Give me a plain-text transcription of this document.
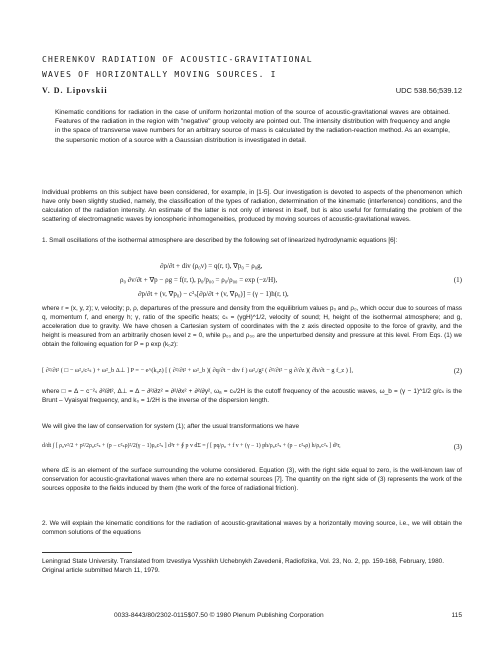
CHERENKOV RADIATION OF ACOUSTIC-GRAVITATIONAL
WAVES OF HORIZONTALLY MOVING SOURCES. I
V. D. Lipovskii	UDC 538.56;539.12
Kinematic conditions for radiation in the case of uniform horizontal motion of the source of acoustic-gravitational waves are obtained. Features of the radiation in the region with "negative" group velocity are pointed out. The intensity distribution with frequency and angle in the space of transverse wave numbers for an arbitrary source of mass is calculated by the radiation-reaction method. As an example, the supersonic motion of a source with a Gaussian distribution is investigated in detail.
Individual problems on this subject have been considered, for example, in [1-5]. Our investigation is devoted to aspects of the phenomenon which have only been slightly studied, namely, the classification of the types of radiation, determination of the kinematic (interference) conditions, and the calculation of the radiation intensity. An estimate of the latter is not only of interest in itself, but is also useful for formulating the problem of the scattering of electromagnetic waves by ionospheric inhomogeneities, produced by moving sources of acoustic-gravitational waves.
1. Small oscillations of the isothermal atmosphere are described by the following set of linearized hydrodynamic equations [6]:
∂ρ/∂t + div (ρ₀v) = q(r, t), ∇p₀ = ρ₀g,
ρ₀ ∂v/∂t + ∇p − ρg = f(r, t), p₀/p₀₀ = ρ₀/ρ₀₀ = exp (−z/H),
∂p/∂t + (v, ∇p₀) − c²ₛ[∂ρ/∂t + (v, ∇ρ₀)] = (γ − 1)h(r, t),
(1)
where r = (x, y, z); v, velocity; p, ρ, departures of the pressure and density from the equilibrium values p₀ and ρ₀, which occur due to sources of mass q, momentum f, and energy h; γ, ratio of the specific heats; cₛ = (γgH)^1/2, velocity of sound; H, height of the isothermal atmosphere; and g, acceleration due to gravity. We have chosen a Cartesian system of coordinates with the z axis directed opposite to the force of gravity, and the height is measured from an arbitrarily chosen level z = 0, while p₀₀ and ρ₀₀ are the unperturbed density and pressure at this level. From Eqs. (1) we obtain the following equation for P = p exp (k₀z):
[ ∂²/∂t² ( □ − ω²ₐ/c²ₛ ) + ω²_b Δ⊥ ] P = − e^(k₀z) [ ( ∂²/∂t² + ω²_b )( ∂q/∂t − div f ) ω²ₐ/g² ( ∂²/∂t² − g ∂/∂z )( ∂h/∂t − g f_z ) ],	(2)
where □ = Δ − c⁻²ₛ ∂²/∂t², Δ⊥ = Δ − ∂²/∂z² = ∂²/∂x² + ∂²/∂y², ωₐ = cₛ/2H is the cutoff frequency of the acoustic waves, ω_b = (γ − 1)^1/2 g/cₛ is the Brunt – Vyaisyal frequency, and k₀ = 1/2H is the inverse of the dispersion length.
We will give the law of conservation for system (1); after the usual transformations we have
d/dt ∫ [ ρ₀v²/2 + p²/2ρ₀c²ₛ + (p − c²ₛρ)²/2(γ − 1)ρ₀c²ₛ ] d³r + ∮ p v dΣ = ∫ [ pq/ρ₀ + f v + (γ − 1) ph/ρ₀c²ₛ + (p − c²ₛρ) h/ρ₀c²ₛ ] d³r,	(3)
where dΣ is an element of the surface surrounding the volume considered. Equation (3), with the right side equal to zero, is the well-known law of conservation for acoustic-gravitational waves when there are no external sources [7]. The quantity on the right side of (3) represents the work of the sources opposite to the fields induced by them (the work of the force of radiational friction).
2. We will explain the kinematic conditions for the radiation of acoustic-gravitational waves by a horizontally moving source, i.e., we will obtain the common solutions of the equations
Leningrad State University. Translated from Izvestiya Vysshikh Uchebnykh Zavedenii, Radiofizika, Vol. 23, No. 2, pp. 159-168, February, 1980. Original article submitted March 11, 1979.
0033-8443/80/2302-0115$07.50 © 1980 Plenum Publishing Corporation	115
